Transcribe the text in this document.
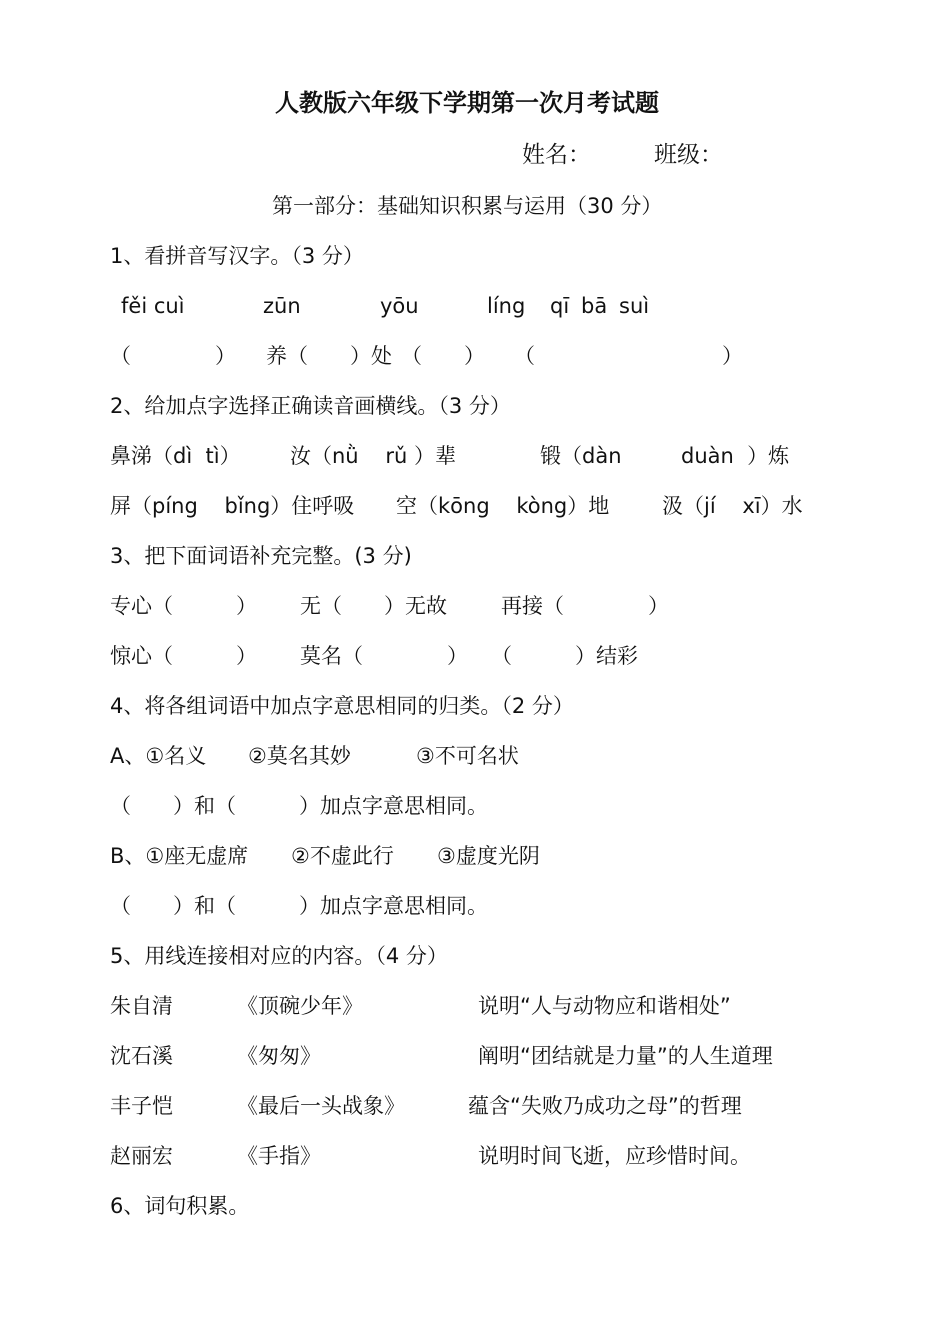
人教版六年级下学期第一次月考试题
姓名：	班级：
第一部分：基础知识积累与运用（30 分）
1、看拼音写汉字。（3 分）
fěi cuì	zūn	yōu	líng qī bā suì
（　　　　） 养（　　）处 （　　） （	）
2、给加点字选择正确读音画横线。（3 分）
鼻涕（dì  tì） 汝（nǜ    rǔ ）辈	锻（dàn	duàn  ）炼
屏（píng    bǐng）住呼吸 空（kōng    kòng）地	汲（jí    xī）水
3、把下面词语补充完整。(3 分)
专心（　　　） 无（　　）无故	再接（　　　　）
惊心（　　　） 莫名（　　　　） （　　　）结彩
4、将各组词语中加点字意思相同的归类。（2 分）
A、①名义 ②莫名其妙	③不可名状
（　　）和（　　　）加点字意思相同。
B、①座无虚席 ②不虚此行 ③虚度光阴
（　　）和（　　　）加点字意思相同。
5、用线连接相对应的内容。（4 分）
朱自清	《顶碗少年》	说明“人与动物应和谐相处”
沈石溪	《匆匆》	阐明“团结就是力量”的人生道理
丰子恺	《最后一头战象》	蕴含“失败乃成功之母”的哲理
赵丽宏	《手指》	说明时间飞逝，应珍惜时间。
6、词句积累。
